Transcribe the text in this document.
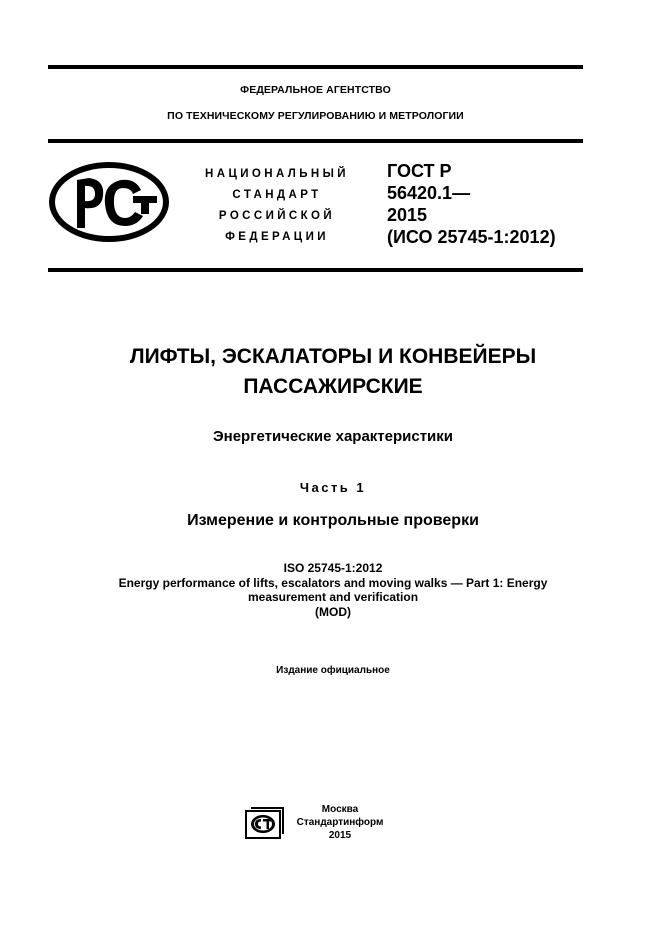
ФЕДЕРАЛЬНОЕ АГЕНТСТВО
ПО ТЕХНИЧЕСКОМУ РЕГУЛИРОВАНИЮ И МЕТРОЛОГИИ
НАЦИОНАЛЬНЫЙ
СТАНДАРТ
РОССИЙСКОЙ
ФЕДЕРАЦИИ
ГОСТ Р
56420.1—
2015
(ИСО 25745-1:2012)
ЛИФТЫ, ЭСКАЛАТОРЫ И КОНВЕЙЕРЫ
ПАССАЖИРСКИЕ
Энергетические характеристики
Часть 1
Измерение и контрольные проверки
ISO 25745-1:2012
Energy performance of lifts, escalators and moving walks — Part 1: Energy
measurement and verification
(MOD)
Издание официальное
Москва
Стандартинформ
2015
